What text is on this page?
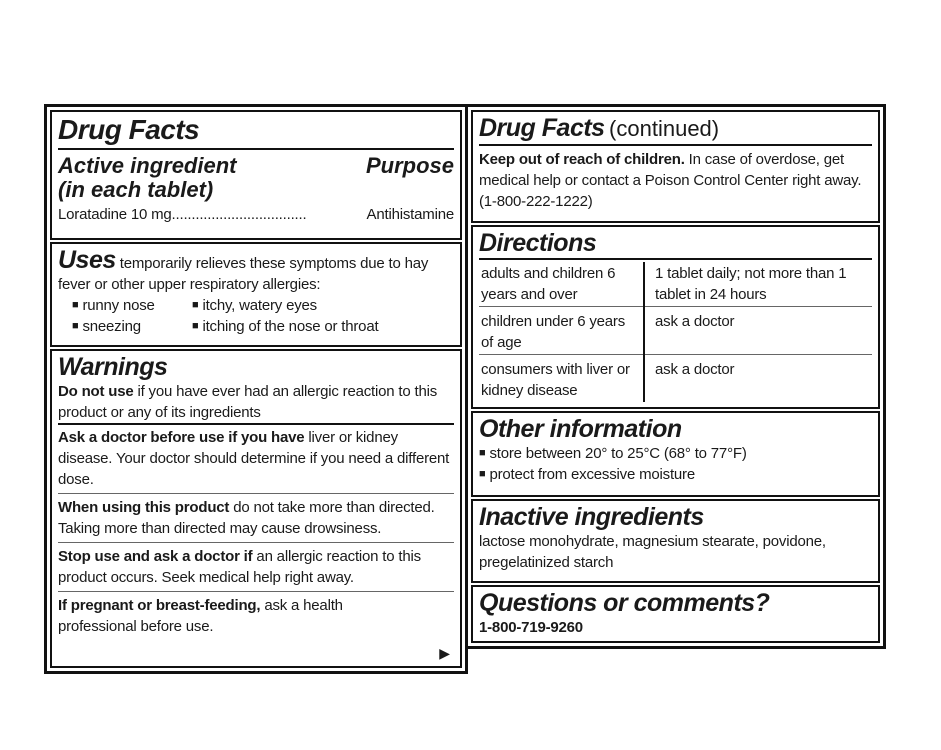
Drug Facts
Active ingredient
(in each tablet)
Purpose
Loratadine 10 mg..................................	Antihistamine
Uses temporarily relieves these symptoms due to hay fever or other upper respiratory allergies:
■ runny nose	■ itchy, watery eyes
■ sneezing	■ itching of the nose or throat
Warnings
Do not use if you have ever had an allergic reaction to this product or any of its ingredients
Ask a doctor before use if you have liver or kidney disease. Your doctor should determine if you need a different dose.
When using this product do not take more than directed. Taking more than directed may cause drowsiness.
Stop use and ask a doctor if an allergic reaction to this product occurs. Seek medical help right away.
If pregnant or breast-feeding, ask a health professional before use.
▶
Drug Facts (continued)
Keep out of reach of children. In case of overdose, get medical help or contact a Poison Control Center right away. (1-800-222-1222)
Directions
adults and children 6 years and over	1 tablet daily; not more than 1 tablet in 24 hours
children under 6 years of age	ask a doctor
consumers with liver or kidney disease	ask a doctor
Other information
■ store between 20° to 25°C (68° to 77°F)
■ protect from excessive moisture
Inactive ingredients
lactose monohydrate, magnesium stearate, povidone, pregelatinized starch
Questions or comments?
1-800-719-9260
